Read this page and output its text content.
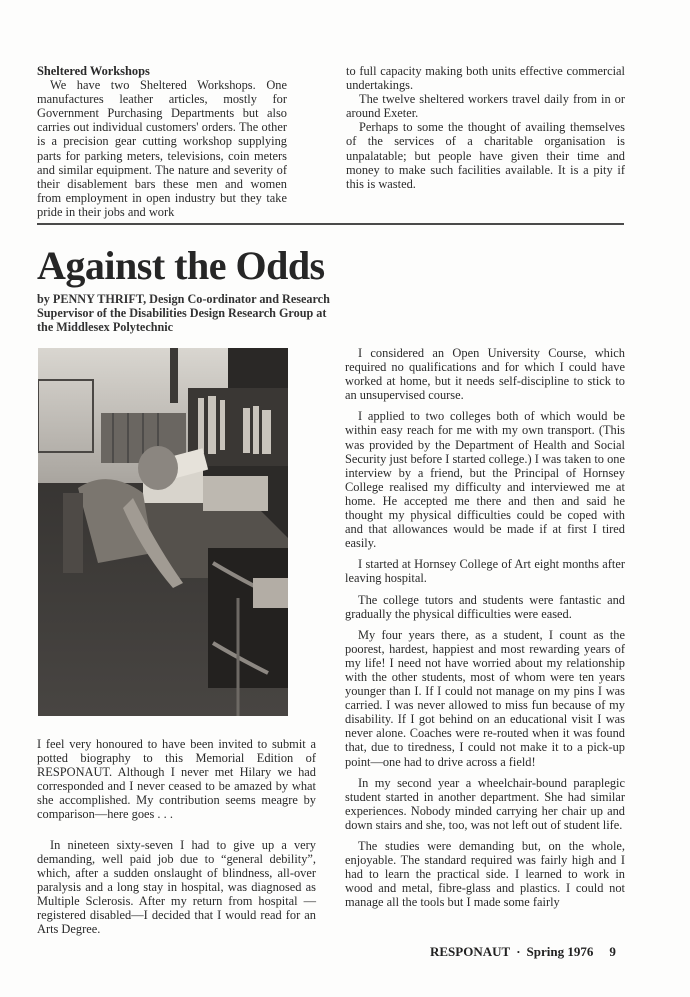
Sheltered Workshops

We have two Sheltered Workshops. One manufactures leather articles, mostly for Government Purchasing Departments but also carries out individual customers' orders. The other is a precision gear cutting workshop supplying parts for parking meters, televisions, coin meters and similar equipment. The nature and severity of their disablement bars these men and women from employment in open industry but they take pride in their jobs and work

to full capacity making both units effective commercial undertakings.

The twelve sheltered workers travel daily from in or around Exeter.

Perhaps to some the thought of availing themselves of the services of a charitable organisation is unpalatable; but people have given their time and money to make such facilities available. It is a pity if this is wasted.

Against the Odds
by PENNY THRIFT, Design Co-ordinator and Research Supervisor of the Disabilities Design Research Group at the Middlesex Polytechnic

I feel very honoured to have been invited to submit a potted biography to this Memorial Edition of RESPONAUT. Although I never met Hilary we had corresponded and I never ceased to be amazed by what she accomplished. My contribution seems meagre by comparison—here goes . . .

In nineteen sixty-seven I had to give up a very demanding, well paid job due to “general debility”, which, after a sudden onslaught of blindness, all-over paralysis and a long stay in hospital, was diagnosed as Multiple Sclerosis. After my return from hospital —registered disabled—I decided that I would read for an Arts Degree.

I considered an Open University Course, which required no qualifications and for which I could have worked at home, but it needs self-discipline to stick to an unsupervised course.

I applied to two colleges both of which would be within easy reach for me with my own transport. (This was provided by the Department of Health and Social Security just before I started college.) I was taken to one interview by a friend, but the Principal of Hornsey College realised my difficulty and interviewed me at home. He accepted me there and then and said he thought my physical difficulties could be coped with and that allowances would be made if at first I tired easily.

I started at Hornsey College of Art eight months after leaving hospital.

The college tutors and students were fantastic and gradually the physical difficulties were eased.

My four years there, as a student, I count as the poorest, hardest, happiest and most rewarding years of my life! I need not have worried about my relationship with the other students, most of whom were ten years younger than I. If I could not manage on my pins I was carried. I was never allowed to miss fun because of my disability. If I got behind on an educational visit I was never alone. Coaches were re-routed when it was found that, due to tiredness, I could not make it to a pick-up point—one had to drive across a field!

In my second year a wheelchair-bound paraplegic student started in another department. She had similar experiences. Nobody minded carrying her chair up and down stairs and she, too, was not left out of student life.

The studies were demanding but, on the whole, enjoyable. The standard required was fairly high and I had to learn the practical side. I learned to work in wood and metal, fibre-glass and plastics. I could not manage all the tools but I made some fairly

RESPONAUT · Spring 1976 9
